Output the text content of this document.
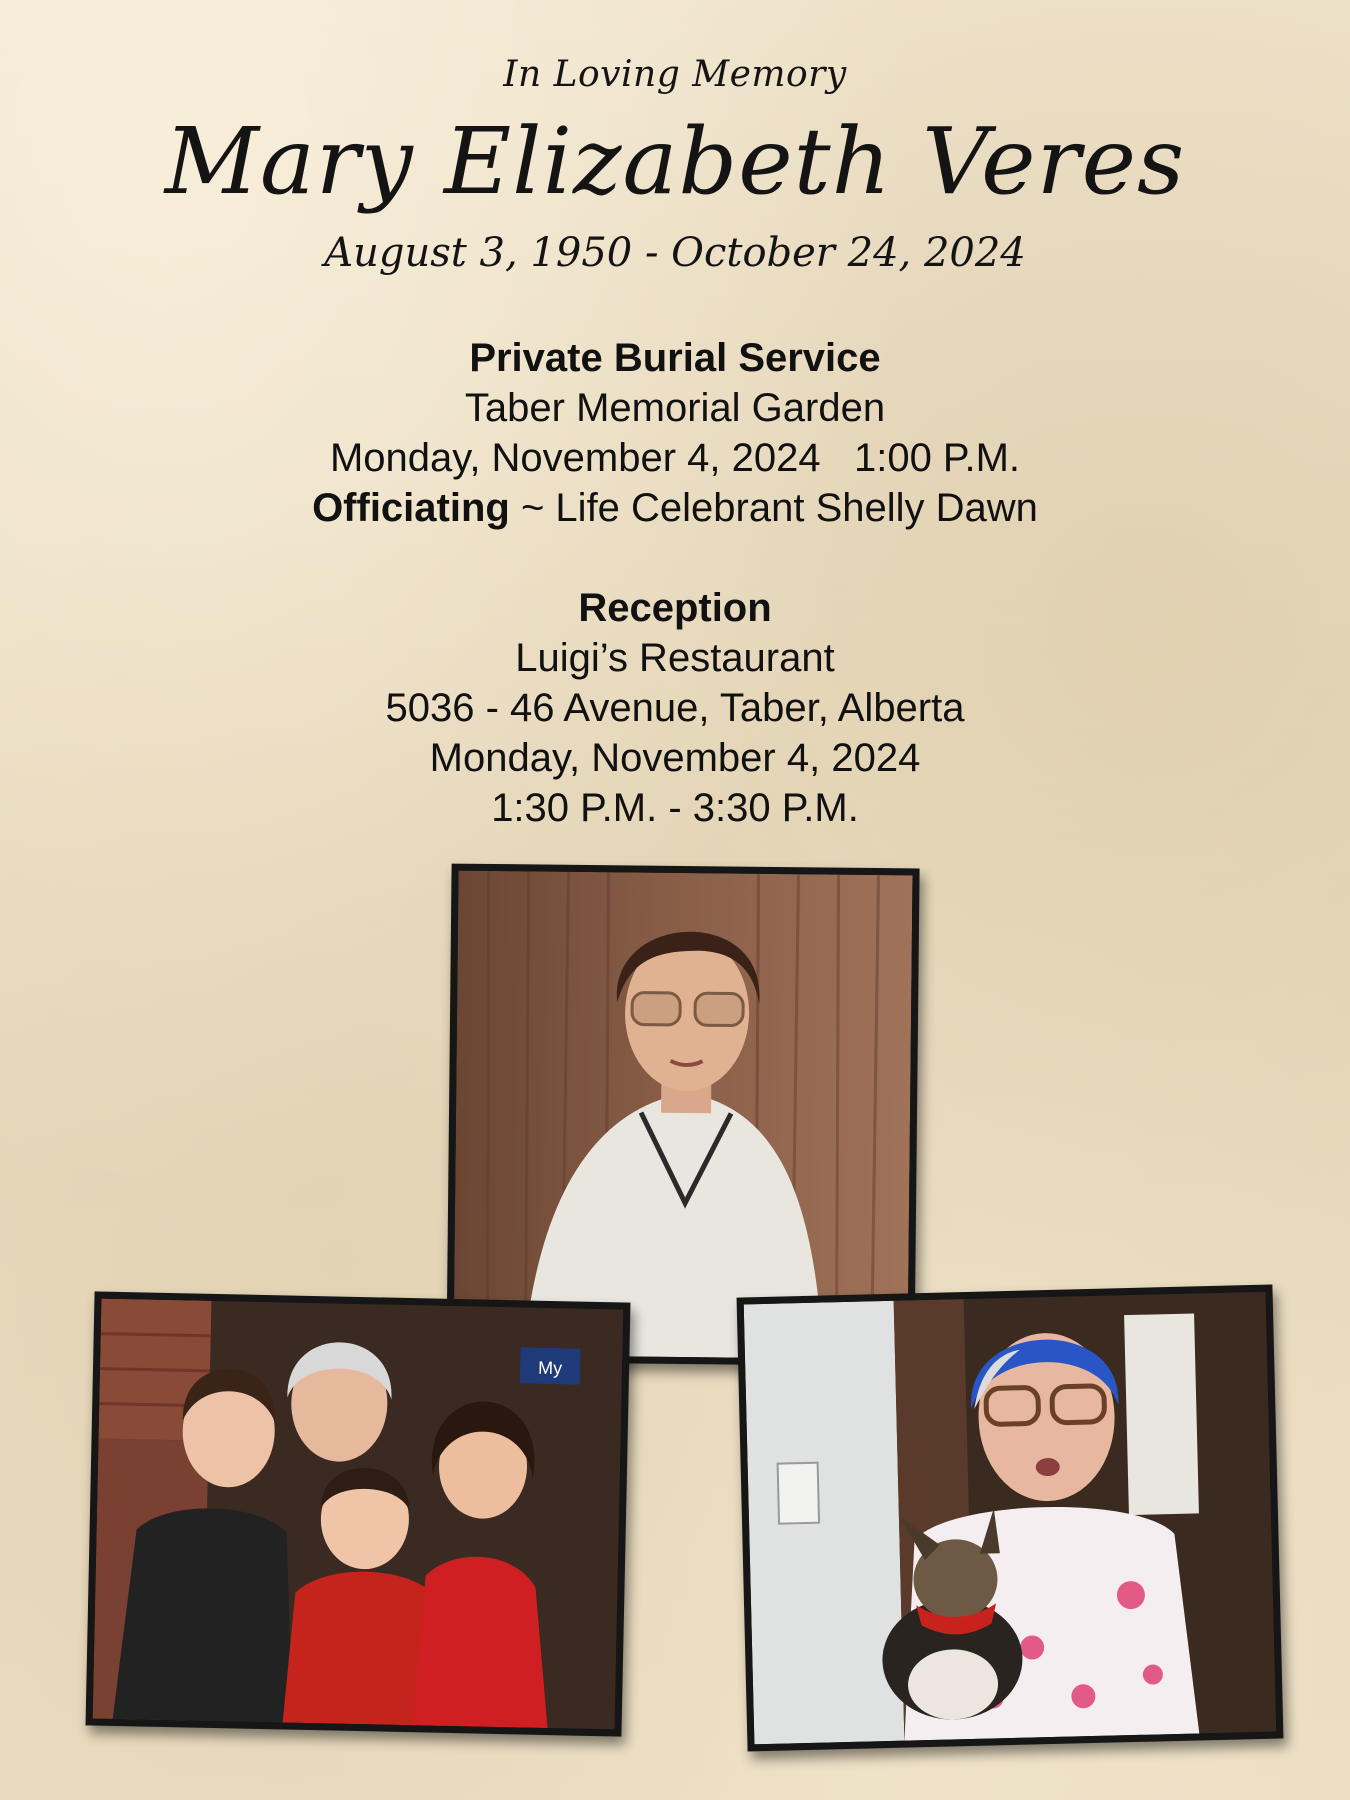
In Loving Memory
Mary Elizabeth Veres
August 3, 1950 - October 24, 2024
Private Burial Service
Taber Memorial Garden
Monday, November 4, 2024   1:00 P.M.
Officiating ~ Life Celebrant Shelly Dawn
Reception
Luigi’s Restaurant
5036 - 46 Avenue, Taber, Alberta
Monday, November 4, 2024
1:30 P.M. - 3:30 P.M.
My
